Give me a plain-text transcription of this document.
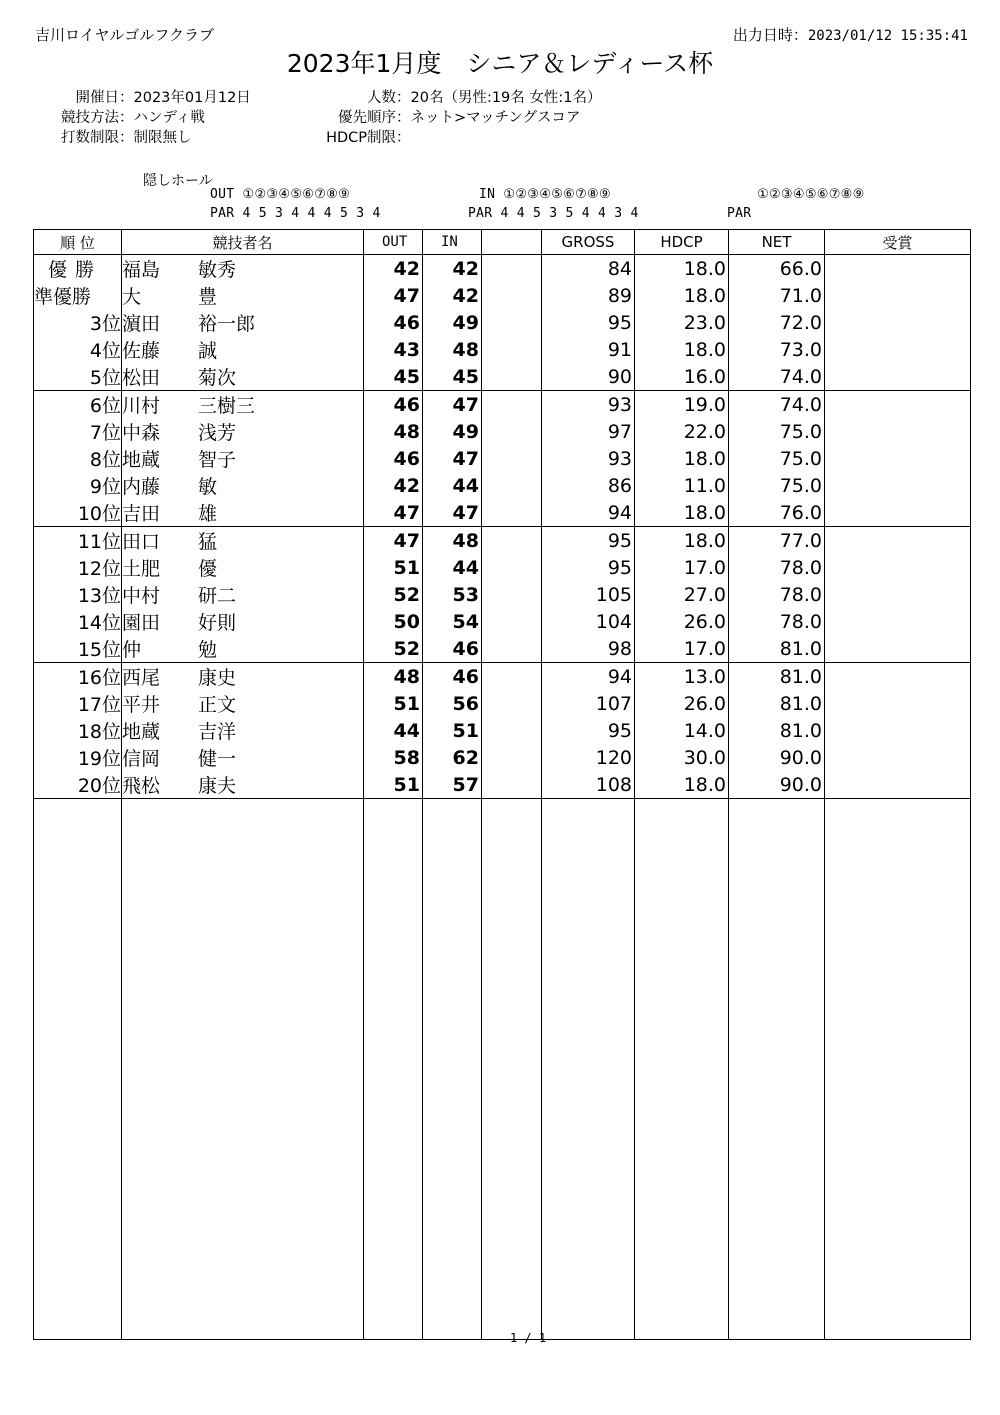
吉川ロイヤルゴルフクラブ	出力日時：2023/01/12 15:35:41
2023年1月度　シニア＆レディース杯
開催日：2023年01月12日
競技方法：ハンディ戦
打数制限：制限無し
人数：20名（男性:19名 女性:1名）
優先順序：ネット>マッチングスコア
HDCP制限：
隠しホール
OUT ①②③④⑤⑥⑦⑧⑨
PAR 4 5 3 4 4 4 5 3 4
IN ①②③④⑤⑥⑦⑧⑨
PAR 4 4 5 3 5 4 4 3 4
①②③④⑤⑥⑦⑧⑨
PAR
順 位	競技者名	OUT	IN		GROSS	HDCP	NET	受賞
優勝	福島 敏秀	42	42		84	18.0	66.0	
準優勝	大 豊	47	42		89	18.0	71.0	
3位	濵田 裕一郎	46	49		95	23.0	72.0	
4位	佐藤 誠	43	48		91	18.0	73.0	
5位	松田 菊次	45	45		90	16.0	74.0	
6位	川村 三樹三	46	47		93	19.0	74.0	
7位	中森 浅芳	48	49		97	22.0	75.0	
8位	地蔵 智子	46	47		93	18.0	75.0	
9位	内藤 敏	42	44		86	11.0	75.0	
10位	吉田 雄	47	47		94	18.0	76.0	
11位	田口 猛	47	48		95	18.0	77.0	
12位	土肥 優	51	44		95	17.0	78.0	
13位	中村 研二	52	53		105	27.0	78.0	
14位	園田 好則	50	54		104	26.0	78.0	
15位	仲 勉	52	46		98	17.0	81.0	
16位	西尾 康史	48	46		94	13.0	81.0	
17位	平井 正文	51	56		107	26.0	81.0	
18位	地蔵 吉洋	44	51		95	14.0	81.0	
19位	信岡 健一	58	62		120	30.0	90.0	
20位	飛松 康夫	51	57		108	18.0	90.0	

1 / 1
